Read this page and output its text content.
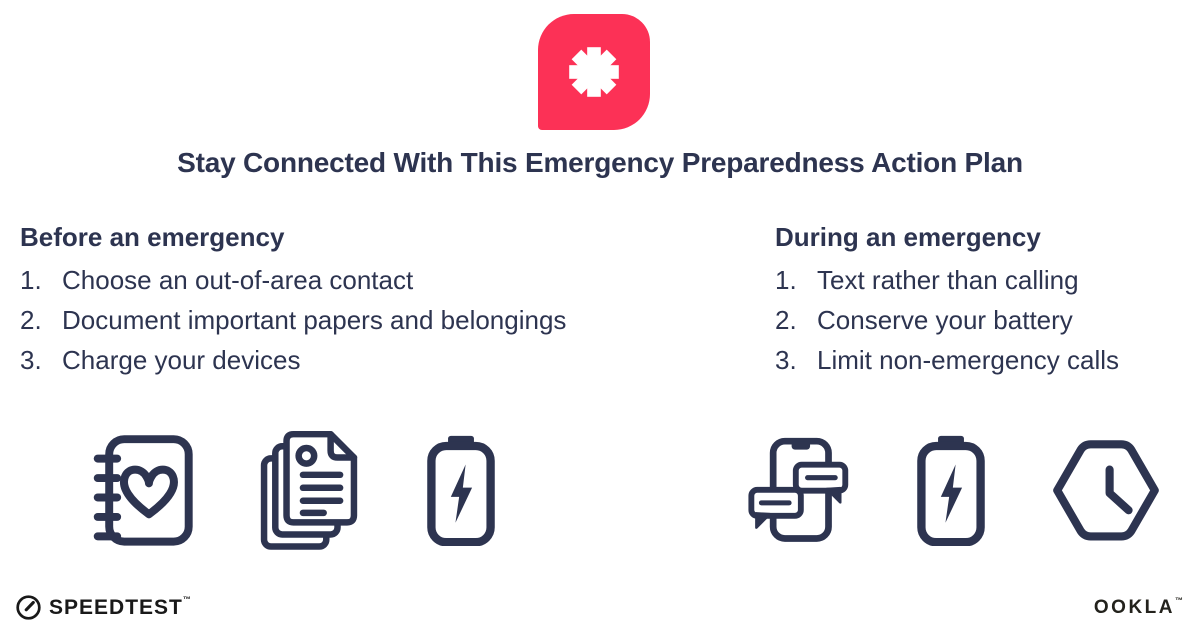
Stay Connected With This Emergency Preparedness Action Plan
Before an emergency
1. Choose an out-of-area contact
2. Document important papers and belongings
3. Charge your devices
During an emergency
1. Text rather than calling
2. Conserve your battery
3. Limit non-emergency calls
SPEEDTEST™	OOKLA™
